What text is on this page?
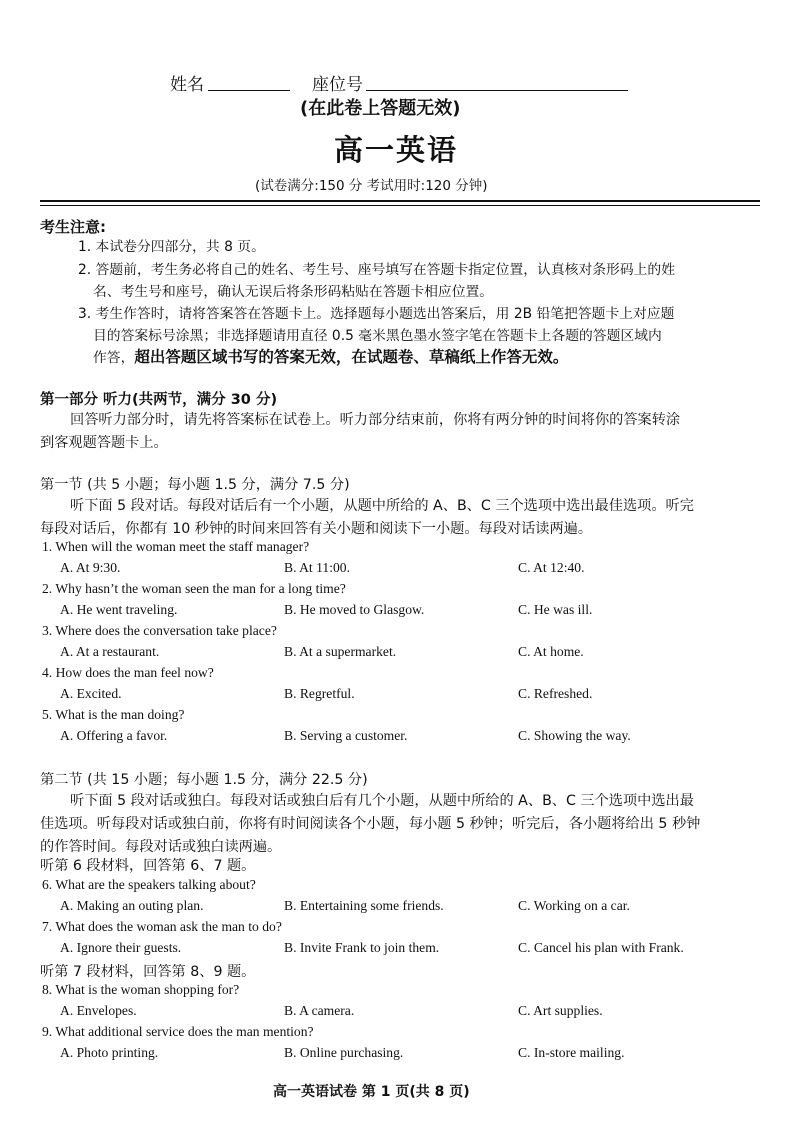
姓名	座位号
(在此卷上答题无效)
高一英语
(试卷满分:150 分 考试用时:120 分钟)
考生注意:
1. 本试卷分四部分，共 8 页。
2. 答题前，考生务必将自己的姓名、考生号、座号填写在答题卡指定位置，认真核对条形码上的姓
名、考生号和座号，确认无误后将条形码粘贴在答题卡相应位置。
3. 考生作答时，请将答案答在答题卡上。选择题每小题选出答案后，用 2B 铅笔把答题卡上对应题
目的答案标号涂黑；非选择题请用直径 0.5 毫米黑色墨水签字笔在答题卡上各题的答题区域内
作答，超出答题区域书写的答案无效，在试题卷、草稿纸上作答无效。
第一部分 听力(共两节，满分 30 分)
回答听力部分时，请先将答案标在试卷上。听力部分结束前，你将有两分钟的时间将你的答案转涂
到客观题答题卡上。
第一节 (共 5 小题；每小题 1.5 分，满分 7.5 分)
听下面 5 段对话。每段对话后有一个小题，从题中所给的 A、B、C 三个选项中选出最佳选项。听完
每段对话后，你都有 10 秒钟的时间来回答有关小题和阅读下一小题。每段对话读两遍。
1. When will the woman meet the staff manager?
A. At 9:30.	B. At 11:00.	C. At 12:40.
2. Why hasn’t the woman seen the man for a long time?
A. He went traveling.	B. He moved to Glasgow.	C. He was ill.
3. Where does the conversation take place?
A. At a restaurant.	B. At a supermarket.	C. At home.
4. How does the man feel now?
A. Excited.	B. Regretful.	C. Refreshed.
5. What is the man doing?
A. Offering a favor.	B. Serving a customer.	C. Showing the way.
第二节 (共 15 小题；每小题 1.5 分，满分 22.5 分)
听下面 5 段对话或独白。每段对话或独白后有几个小题，从题中所给的 A、B、C 三个选项中选出最
佳选项。听每段对话或独白前，你将有时间阅读各个小题，每小题 5 秒钟；听完后，各小题将给出 5 秒钟
的作答时间。每段对话或独白读两遍。
听第 6 段材料，回答第 6、7 题。
6. What are the speakers talking about?
A. Making an outing plan.	B. Entertaining some friends.	C. Working on a car.
7. What does the woman ask the man to do?
A. Ignore their guests.	B. Invite Frank to join them.	C. Cancel his plan with Frank.
听第 7 段材料，回答第 8、9 题。
8. What is the woman shopping for?
A. Envelopes.	B. A camera.	C. Art supplies.
9. What additional service does the man mention?
A. Photo printing.	B. Online purchasing.	C. In-store mailing.
高一英语试卷 第 1 页(共 8 页)
